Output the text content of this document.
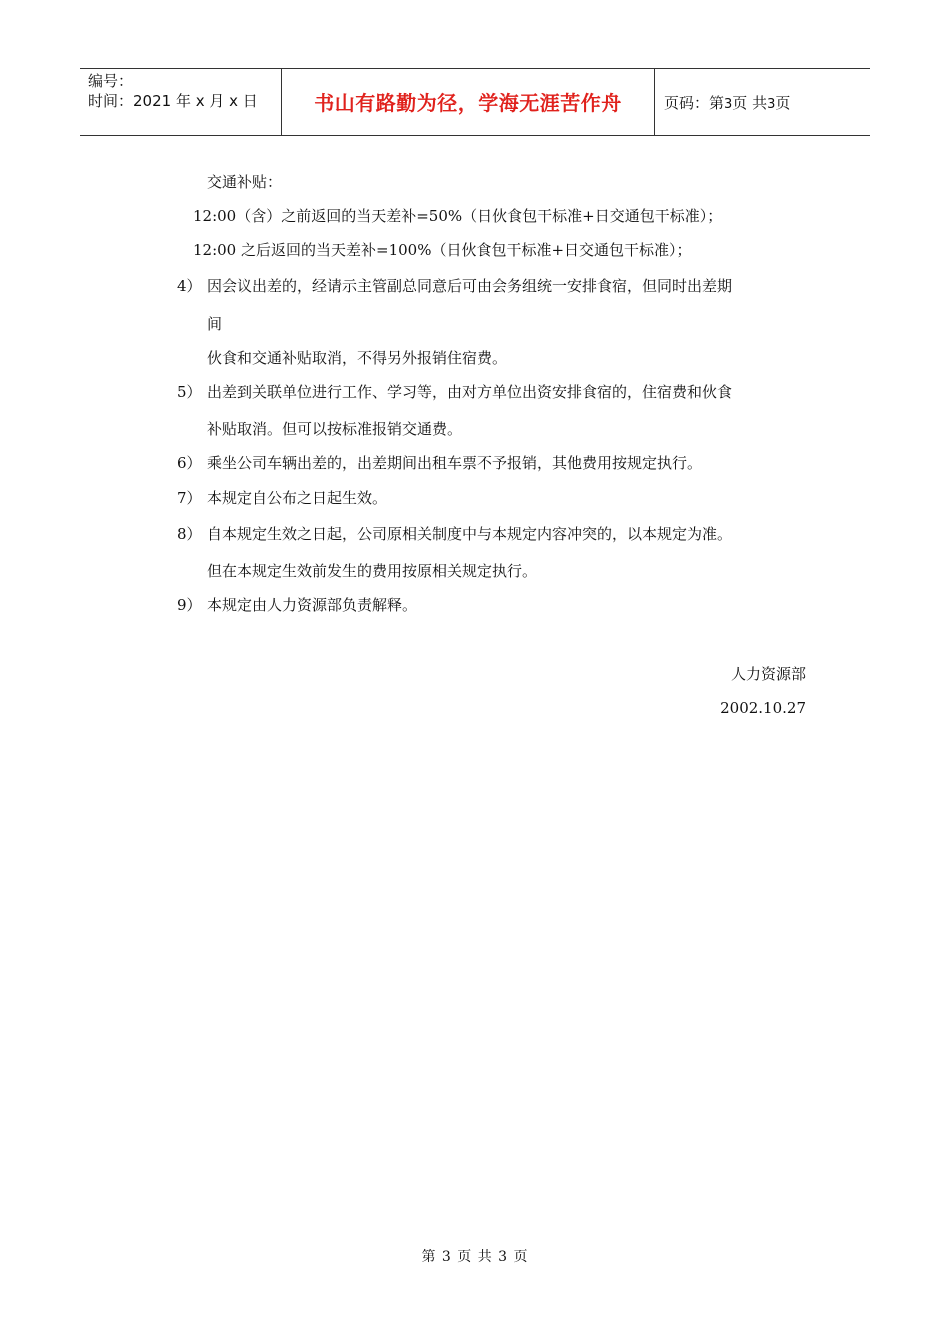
编号：
时间：2021 年 x 月 x 日	书山有路勤为径，学海无涯苦作舟	页码：第3页 共3页
交通补贴：
12:00（含）之前返回的当天差补=50%（日伙食包干标准+日交通包干标准）；
12:00 之后返回的当天差补=100%（日伙食包干标准+日交通包干标准）；
4） 因会议出差的，经请示主管副总同意后可由会务组统一安排食宿，但同时出差期
间
伙食和交通补贴取消，不得另外报销住宿费。
5） 出差到关联单位进行工作、学习等，由对方单位出资安排食宿的，住宿费和伙食
补贴取消。但可以按标准报销交通费。
6） 乘坐公司车辆出差的，出差期间出租车票不予报销，其他费用按规定执行。
7） 本规定自公布之日起生效。
8） 自本规定生效之日起，公司原相关制度中与本规定内容冲突的，以本规定为准。
但在本规定生效前发生的费用按原相关规定执行。
9） 本规定由人力资源部负责解释。
人力资源部
2002.10.27
第 3 页 共 3 页
